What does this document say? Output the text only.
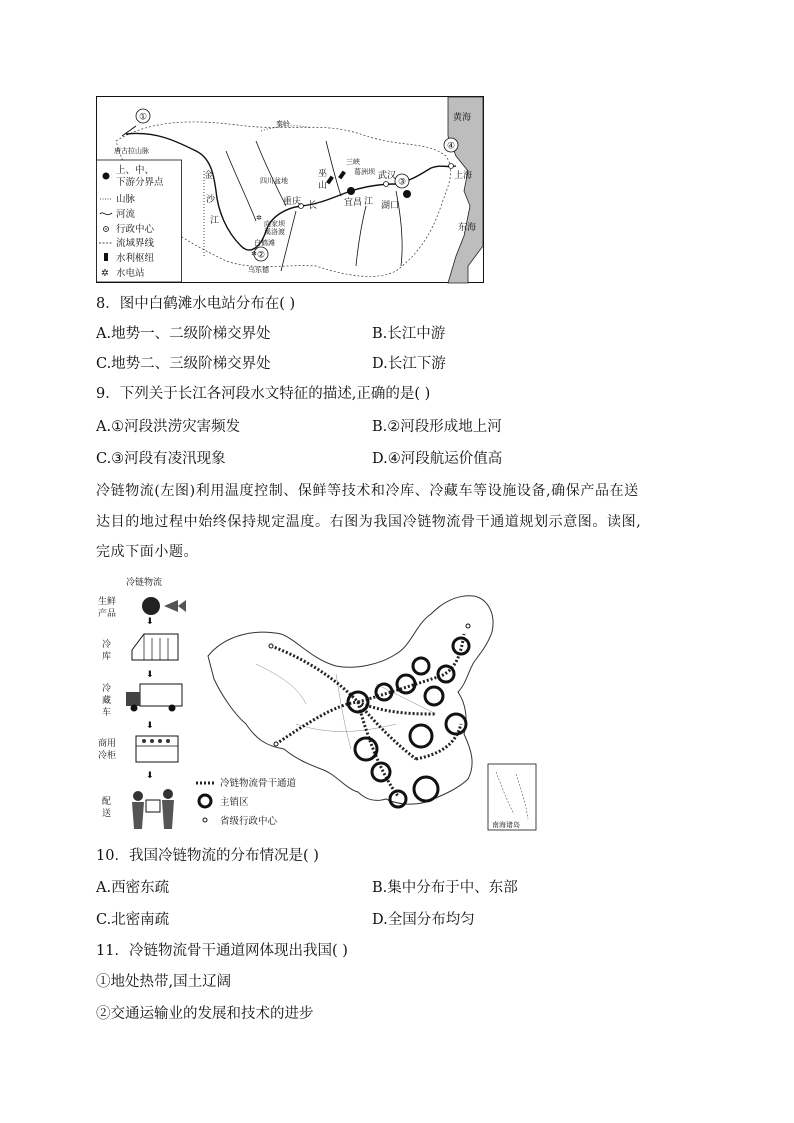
①
②
③
④
唐古拉山脉
秦岭
金
沙
江
四川盆地
重庆 长	宜昌 江 湖口
武汉	上海
黄海
东海
三峡
巫
山
葛洲坝
向家坝
溪洛渡
白鹤滩
乌东德
✲
✲
上、中、
下游分界点
山脉
河流
行政中心
流域界线
水利枢纽
✲ 水电站
8．图中白鹤滩水电站分布在( )
A.地势一、二级阶梯交界处	B.长江中游
C.地势二、三级阶梯交界处	D.长江下游
9．下列关于长江各河段水文特征的描述,正确的是( )
A.①河段洪涝灾害频发	B.②河段形成地上河
C.③河段有凌汛现象	D.④河段航运价值高
冷链物流(左图)利用温度控制、保鲜等技术和冷库、冷藏车等设施设备,确保产品在送
达目的地过程中始终保持规定温度。右图为我国冷链物流骨干通道规划示意图。读图,
完成下面小题。
冷链物流
生鲜
产品
⬇
冷
库
⬇
冷
藏
车
⬇
商用
冷柜
⬇
配
送
冷链物流骨干通道
主销区
省级行政中心	南海诸岛
10．我国冷链物流的分布情况是( )
A.西密东疏	B.集中分布于中、东部
C.北密南疏	D.全国分布均匀
11．冷链物流骨干通道网体现出我国( )
①地处热带,国土辽阔
②交通运输业的发展和技术的进步
